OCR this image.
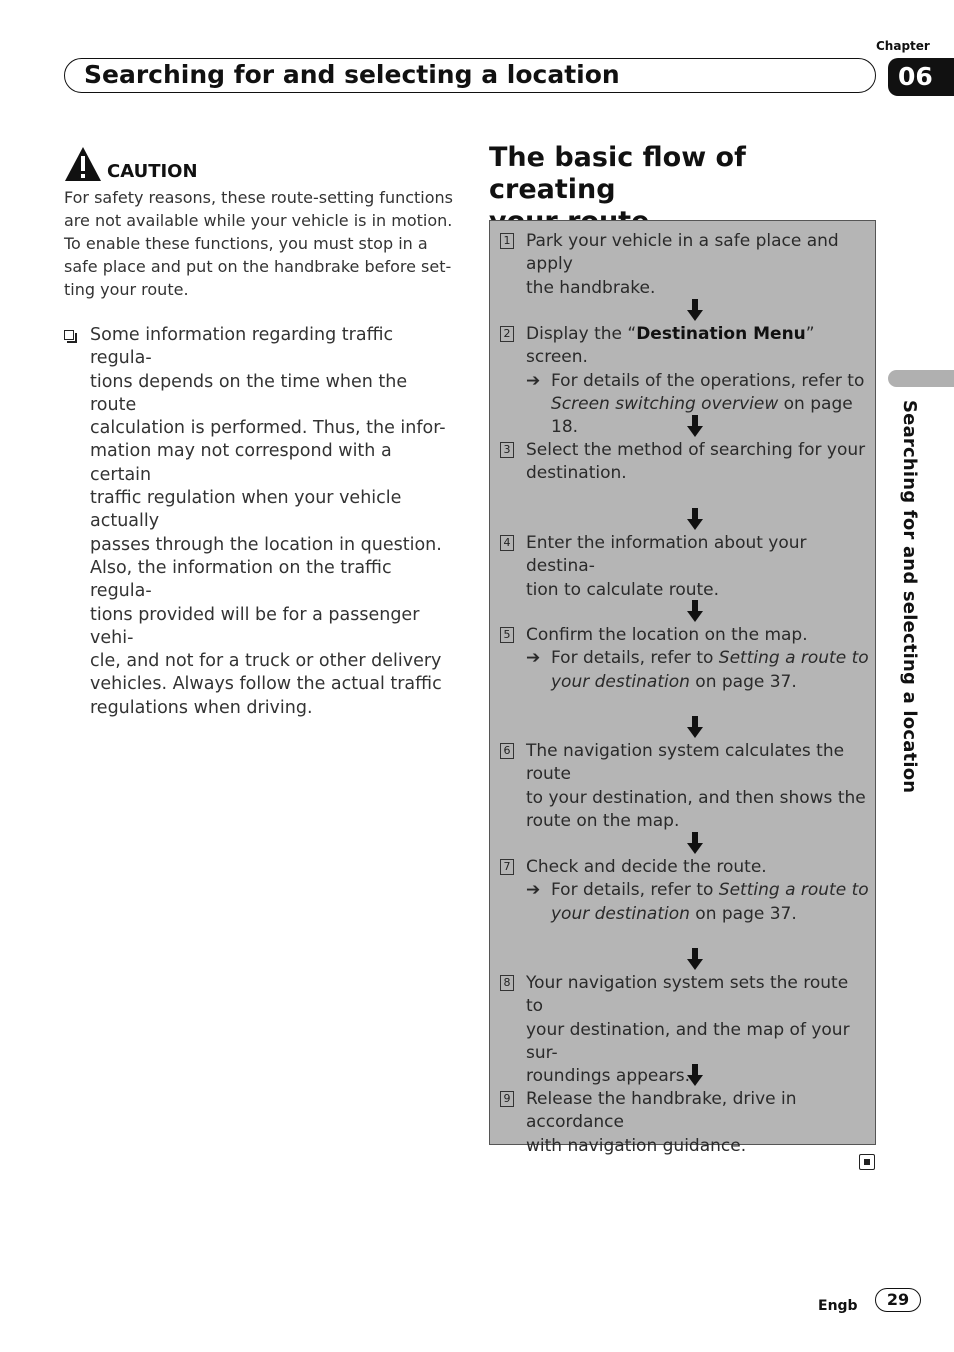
Chapter
06
Searching for and selecting a location
Searching for and selecting a location
CAUTION

For safety reasons, these route-setting functions
are not available while your vehicle is in motion.
To enable these functions, you must stop in a
safe place and put on the handbrake before set-
ting your route.

Some information regarding traffic regula-
tions depends on the time when the route
calculation is performed. Thus, the infor-
mation may not correspond with a certain
traffic regulation when your vehicle actually
passes through the location in question.
Also, the information on the traffic regula-
tions provided will be for a passenger vehi-
cle, and not for a truck or other delivery
vehicles. Always follow the actual traffic
regulations when driving.

The basic flow of creating

1 Park your vehicle in a safe place and apply
the handbrake.

2 Display the “Destination Menu” screen.

➔ For details of the operations, refer to
Screen switching overview on page 18.

3 Select the method of searching for your
destination.

4 Enter the information about your destina-
tion to calculate route.

5 Confirm the location on the map.

➔ For details, refer to Setting a route to
your destination on page 37.

6 The navigation system calculates the route
to your destination, and then shows the
route on the map.

7 Check and decide the route.

➔ For details, refer to Setting a route to
your destination on page 37.

8 Your navigation system sets the route to
your destination, and the map of your sur-
roundings appears.

9 Release the handbrake, drive in accordance
with navigation guidance.

Engb	29
